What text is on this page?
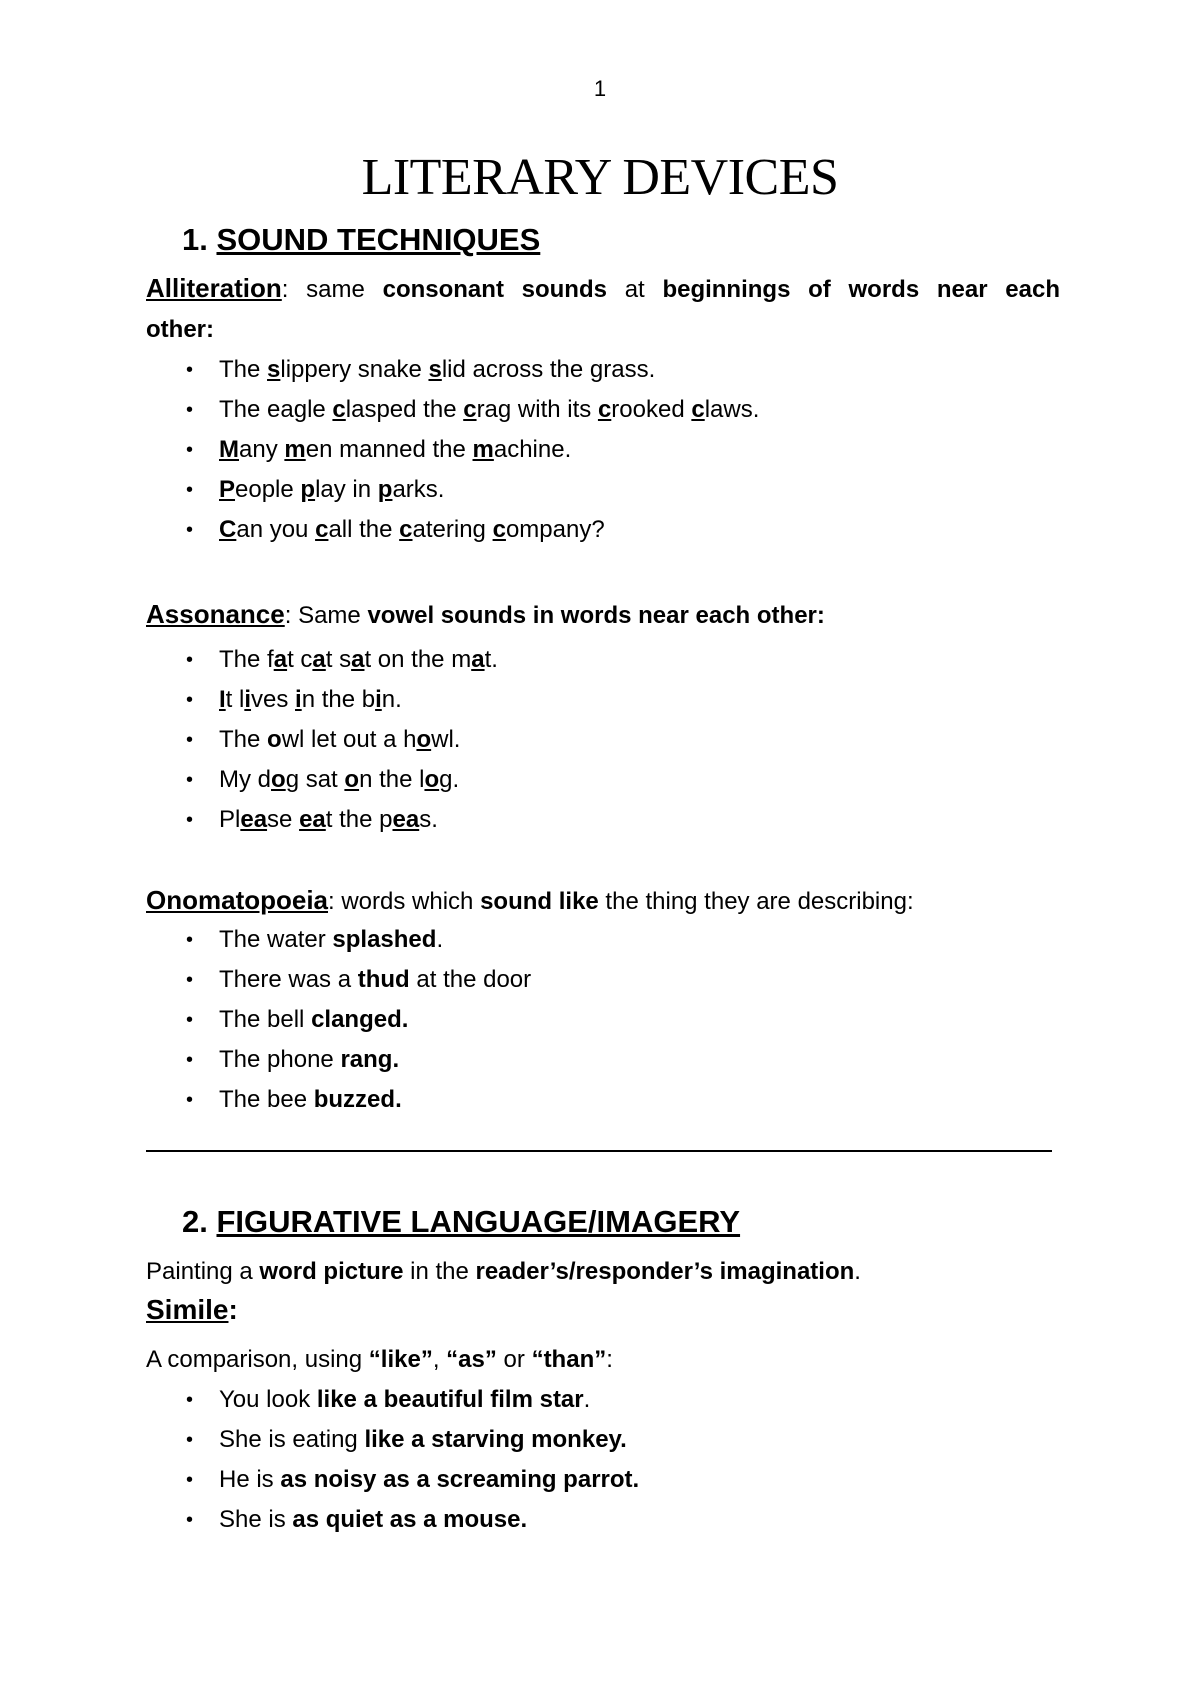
1
LITERARY DEVICES
1. SOUND TECHNIQUES
Alliteration: same consonant sounds at beginnings of words near each other:
• The slippery snake slid across the grass.
• The eagle clasped the crag with its crooked claws.
• Many men manned the machine.
• People play in parks.
• Can you call the catering company?
Assonance: Same vowel sounds in words near each other:
• The fat cat sat on the mat.
• It lives in the bin.
• The owl let out a howl.
• My dog sat on the log.
• Please eat the peas.
Onomatopoeia: words which sound like the thing they are describing:
• The water splashed.
• There was a thud at the door
• The bell clanged.
• The phone rang.
• The bee buzzed.
2. FIGURATIVE LANGUAGE/IMAGERY
Painting a word picture in the reader’s/responder’s imagination.
Simile:
A comparison, using “like”, “as” or “than”:
• You look like a beautiful film star.
• She is eating like a starving monkey.
• He is as noisy as a screaming parrot.
• She is as quiet as a mouse.
